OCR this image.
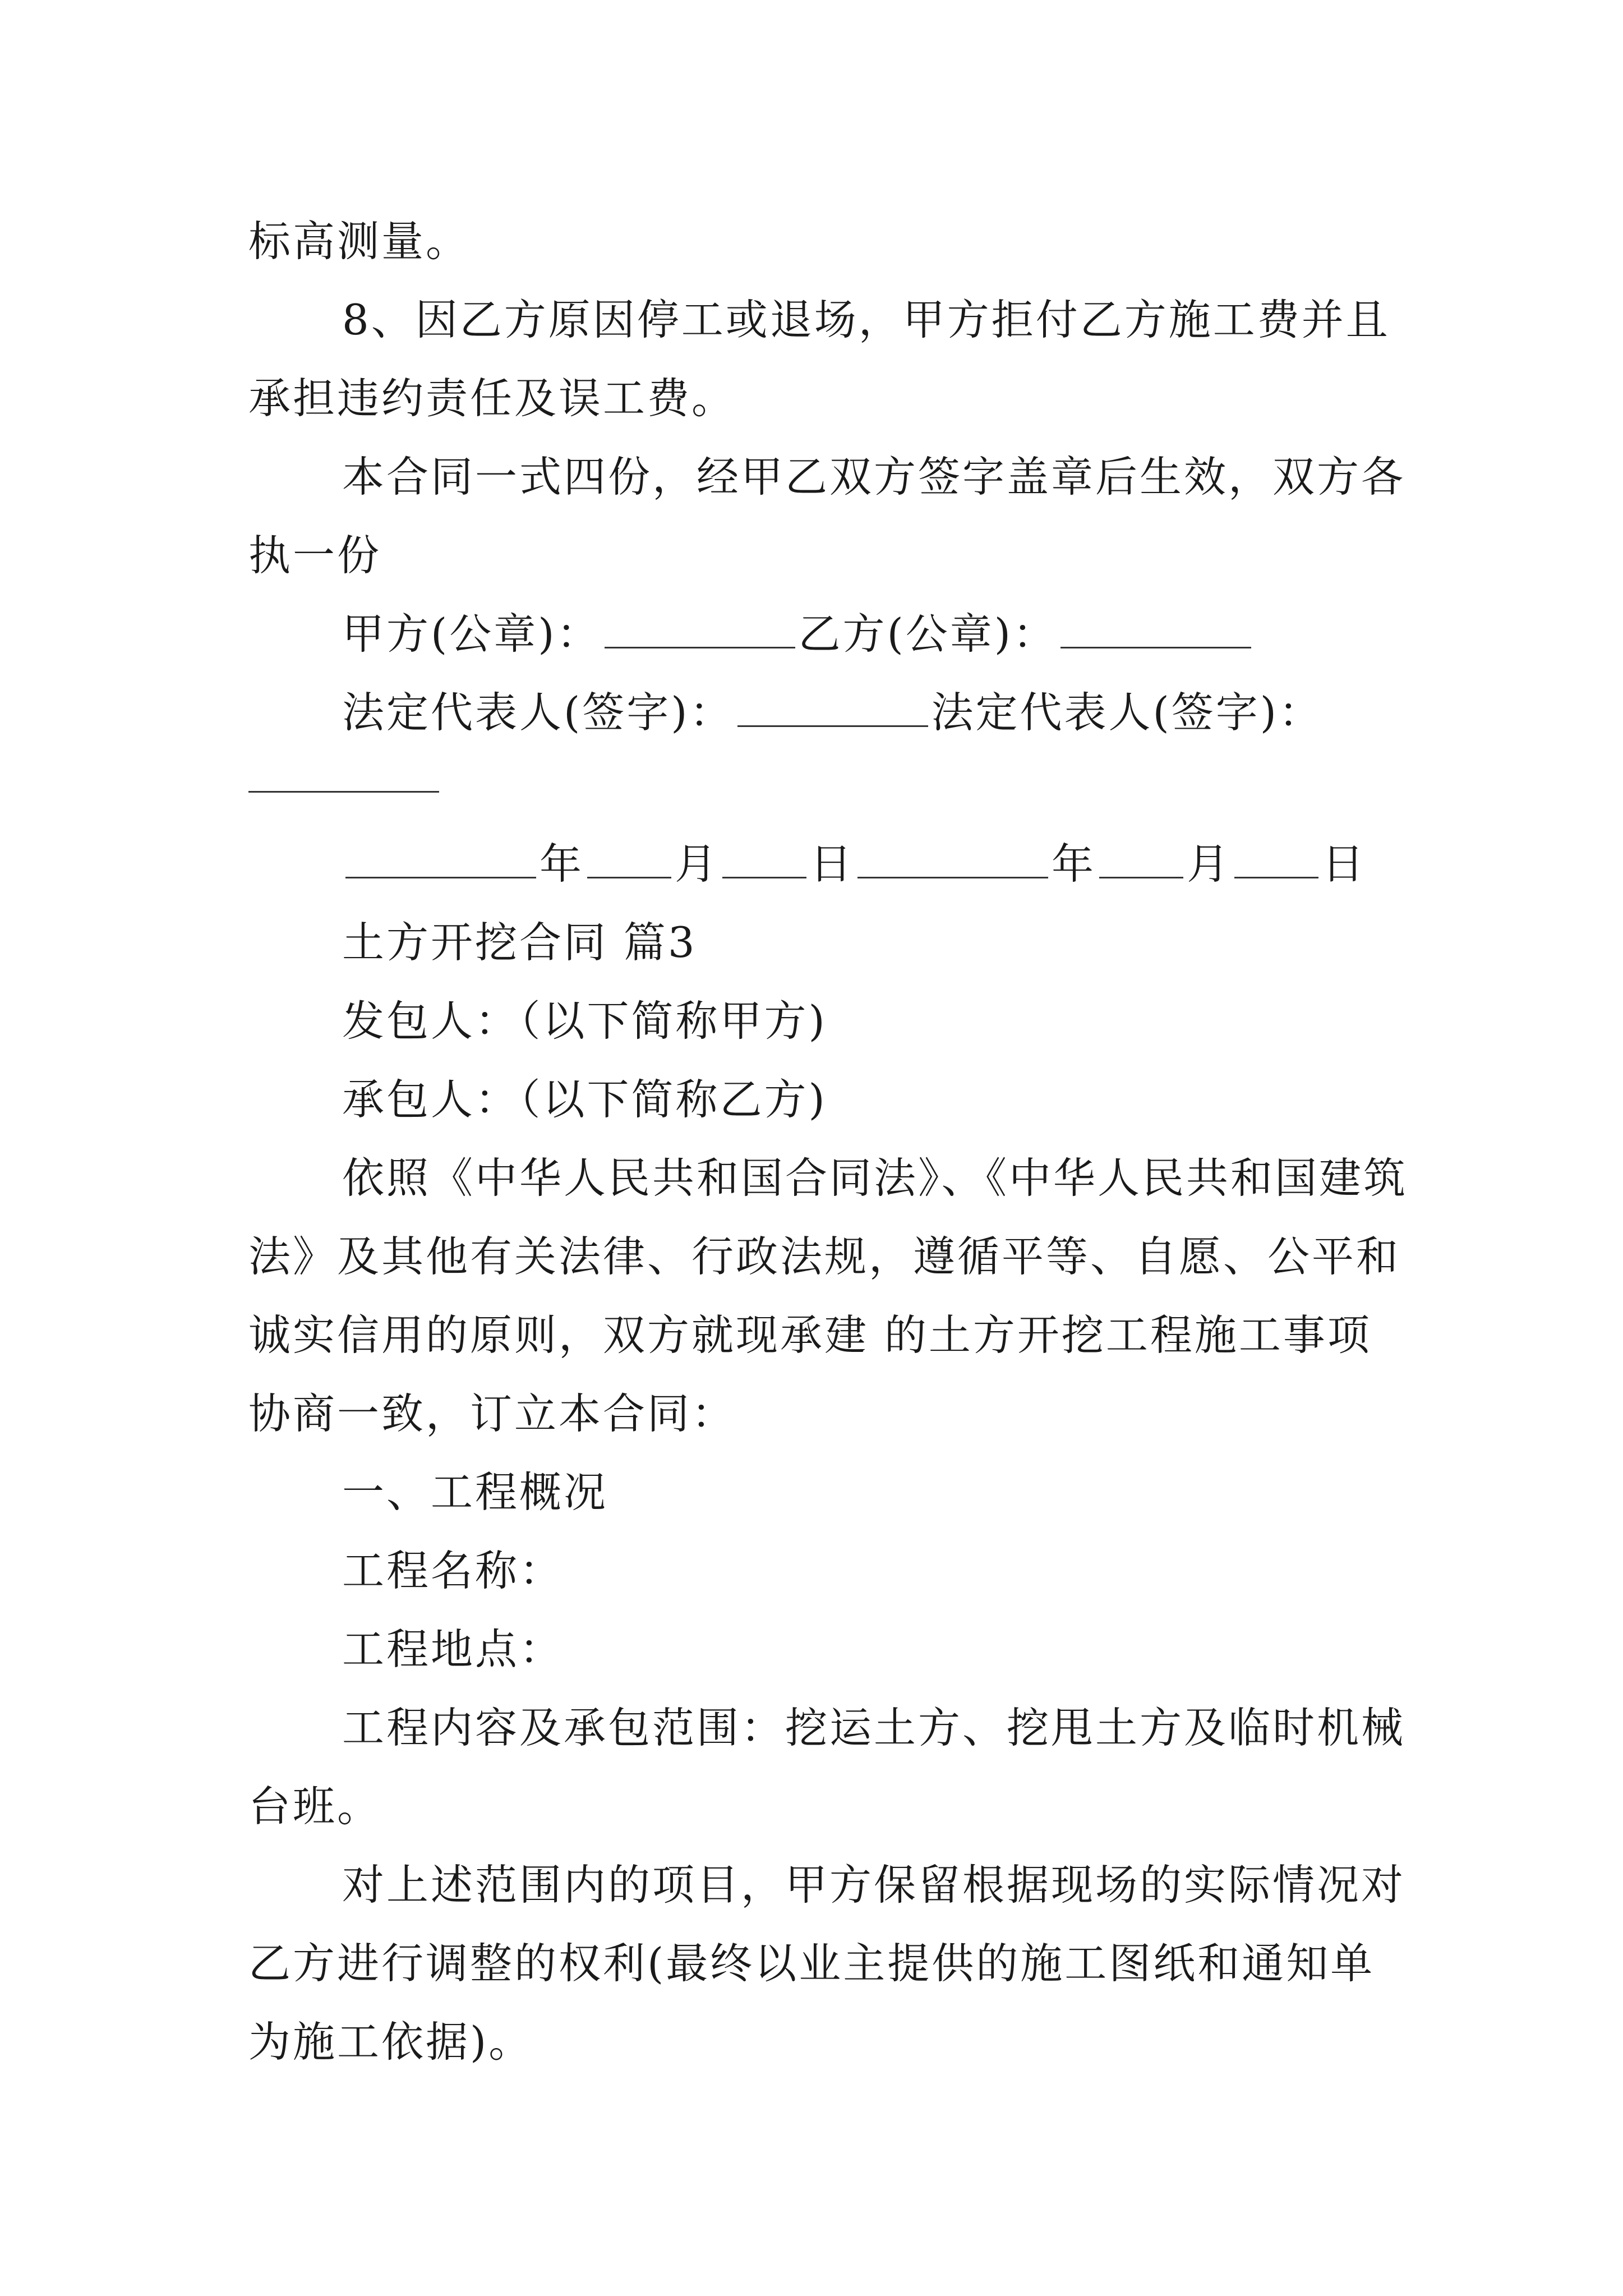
标高测量。
8、因乙方原因停工或退场，甲方拒付乙方施工费并且
承担违约责任及误工费。
本合同一式四份，经甲乙双方签字盖章后生效，双方各
执一份
甲方(公章)：	乙方(公章)：
法定代表人(签字)：	法定代表人(签字)：
年 月 日	年 月 日
土方开挖合同 篇3
发包人：（以下简称甲方)
承包人：（以下简称乙方)
依照《中华人民共和国合同法》、《中华人民共和国建筑
法》及其他有关法律、行政法规，遵循平等、自愿、公平和
诚实信用的原则，双方就现承建 的土方开挖工程施工事项
协商一致，订立本合同：
一、工程概况
工程名称：
工程地点：
工程内容及承包范围：挖运土方、挖甩土方及临时机械
台班。
对上述范围内的项目，甲方保留根据现场的实际情况对
乙方进行调整的权利(最终以业主提供的施工图纸和通知单
为施工依据)。
